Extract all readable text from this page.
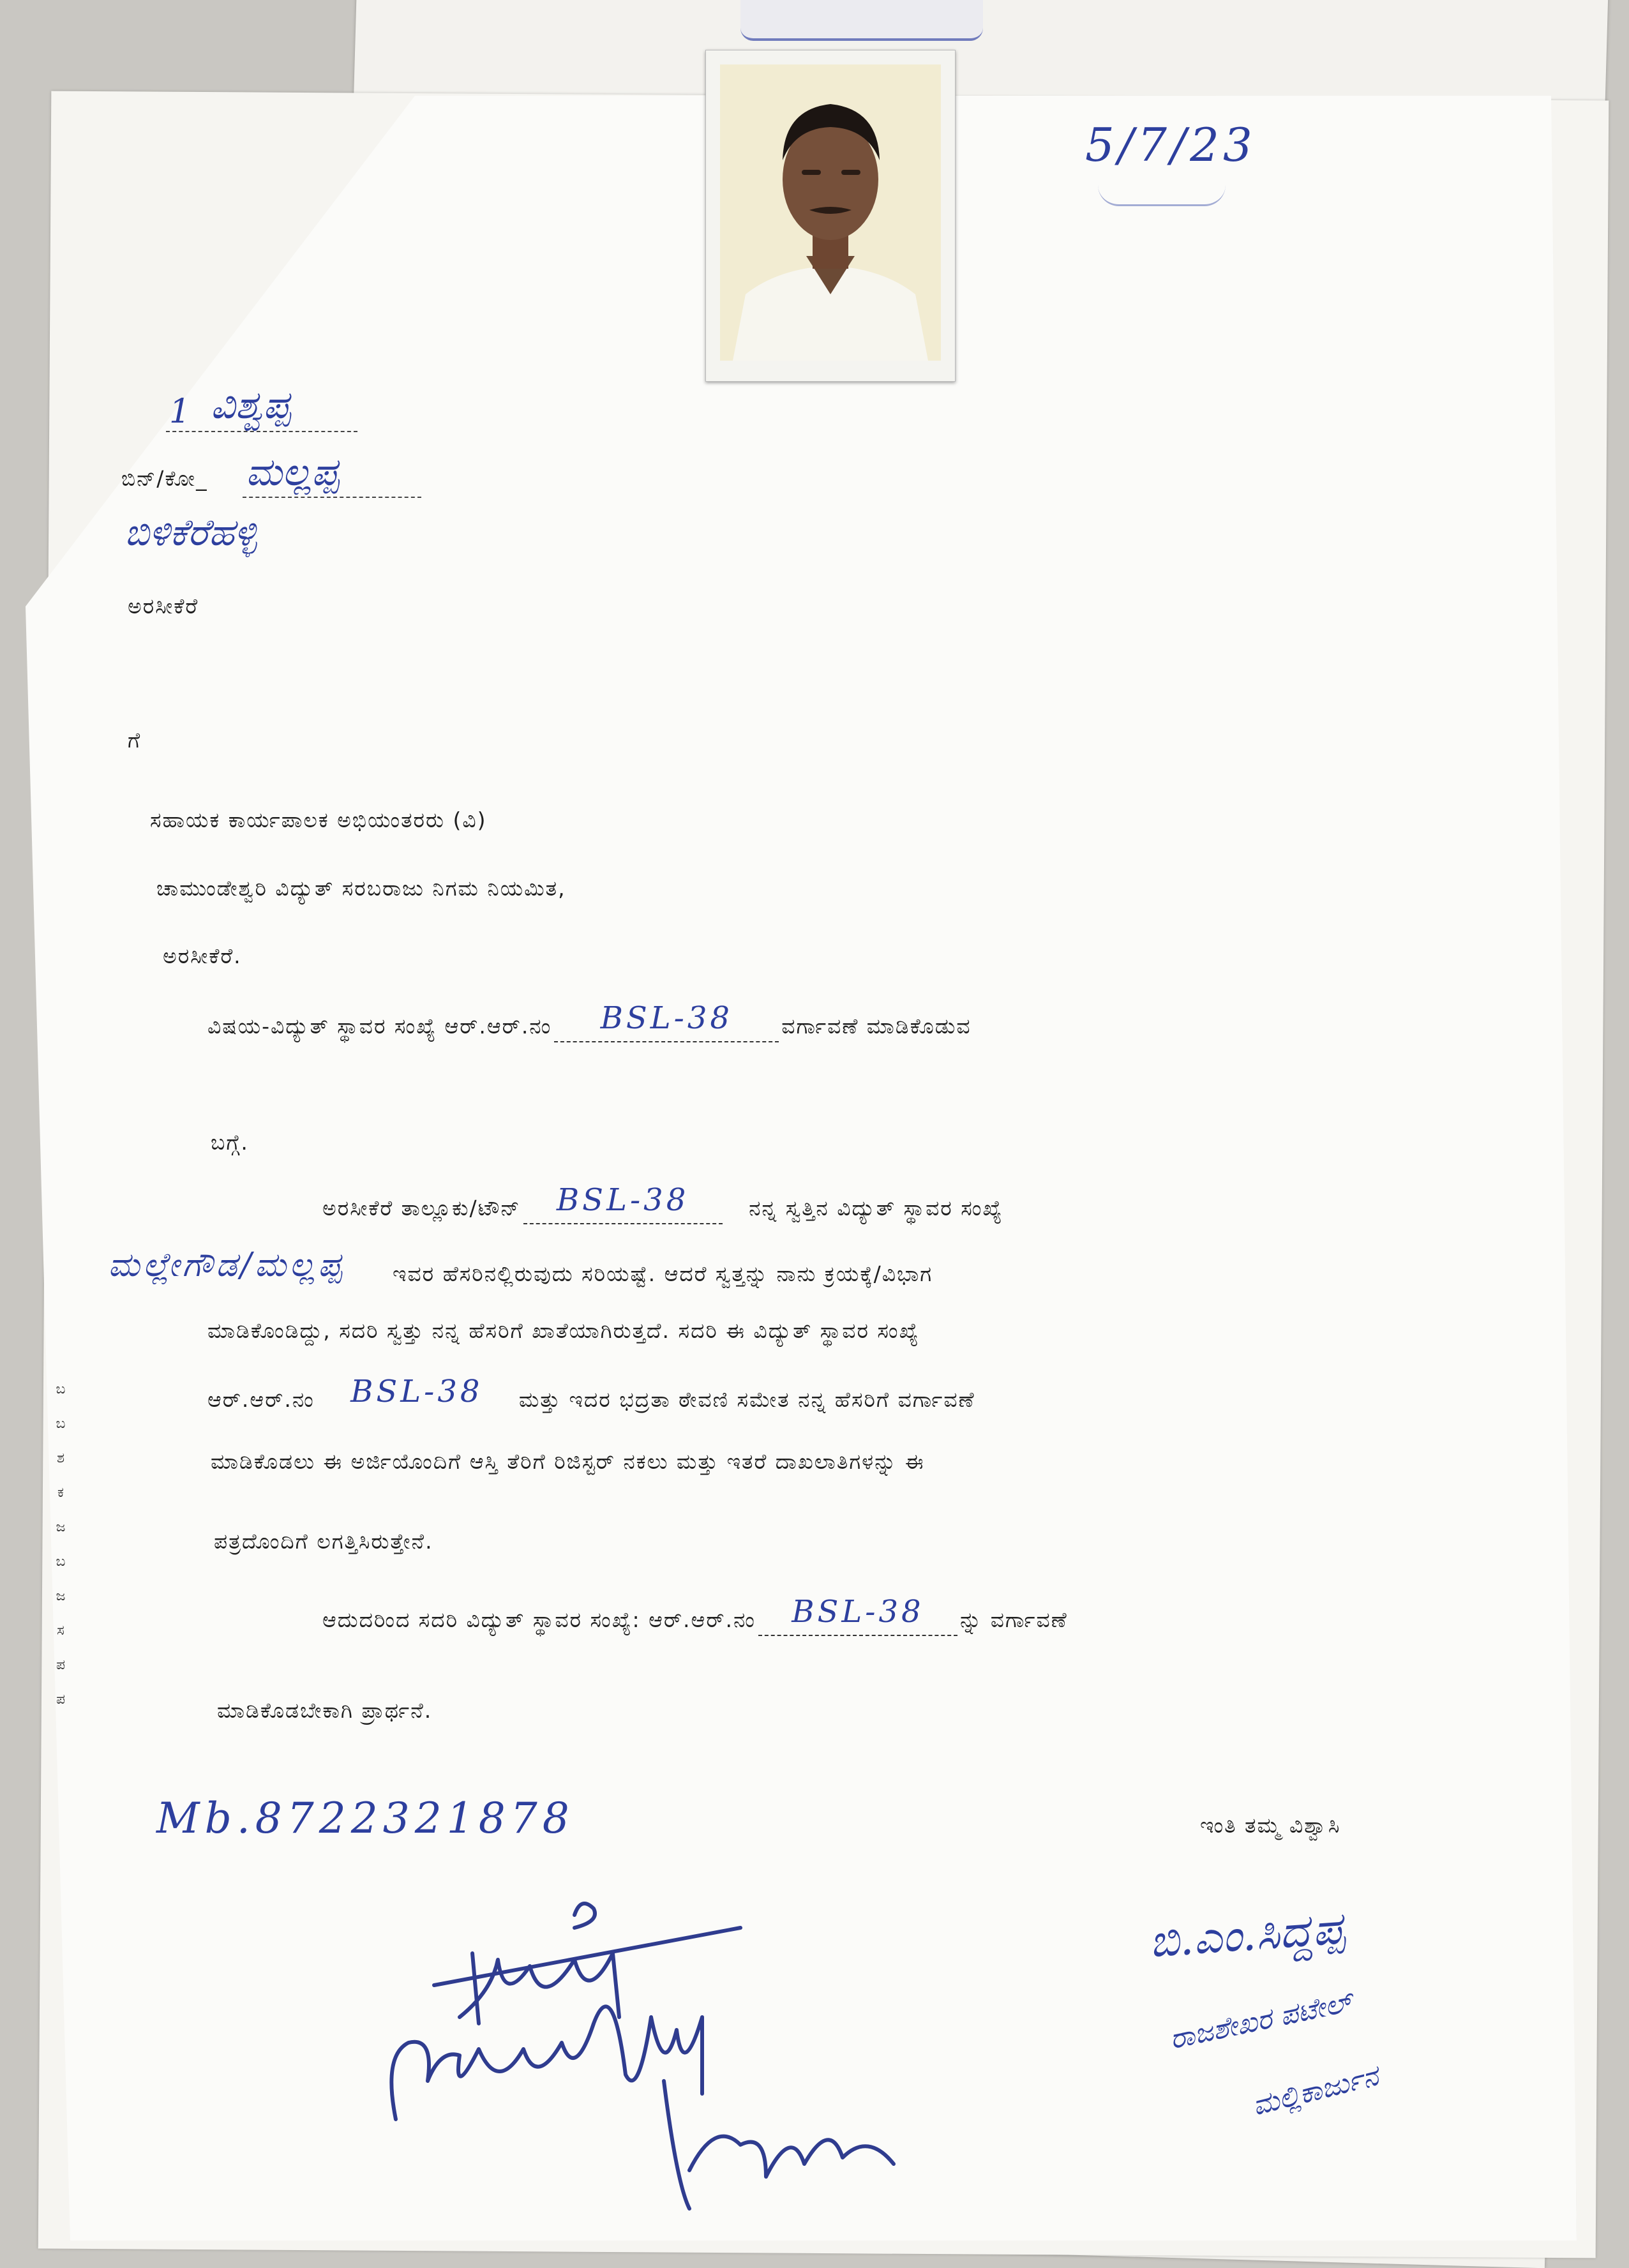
5/7/23
1 ವಿಶ್ವಪ್ಪ
ಬಿನ್/ಕೋ_ ಮಲ್ಲಪ್ಪ
ಬಿಳಿಕೆರೆಹಳ್ಳಿ
ಅರಸೀಕೆರೆ
ಗೆ
ಸಹಾಯಕ ಕಾರ್ಯಪಾಲಕ ಅಭಿಯಂತರರು (ವಿ)
ಚಾಮುಂಡೇಶ್ವರಿ ವಿದ್ಯುತ್ ಸರಬರಾಜು ನಿಗಮ ನಿಯಮಿತ,
ಅರಸೀಕೆರೆ.
ವಿಷಯ-ವಿದ್ಯುತ್ ಸ್ಥಾವರ ಸಂಖ್ಯೆ ಆರ್.ಆರ್.ನಂ BSL-38 ವರ್ಗಾವಣೆ ಮಾಡಿಕೊಡುವ
ಬಗ್ಗೆ.
ಅರಸೀಕೆರೆ ತಾಲ್ಲೂಕು/ಟೌನ್ BSL-38	ನನ್ನ ಸ್ವತ್ತಿನ ವಿದ್ಯುತ್ ಸ್ಥಾವರ ಸಂಖ್ಯೆ
ಮಲ್ಲೇಗೌಡ/ಮಲ್ಲಪ್ಪ ಇವರ ಹೆಸರಿನಲ್ಲಿರುವುದು ಸರಿಯಷ್ಟೆ. ಆದರೆ ಸ್ವತ್ತನ್ನು ನಾನು ಕ್ರಯಕ್ಕೆ/ವಿಭಾಗ
ಮಾಡಿಕೊಂಡಿದ್ದು, ಸದರಿ ಸ್ವತ್ತು ನನ್ನ ಹೆಸರಿಗೆ ಖಾತೆಯಾಗಿರುತ್ತದೆ. ಸದರಿ ಈ ವಿದ್ಯುತ್ ಸ್ಥಾವರ ಸಂಖ್ಯೆ
ಆರ್.ಆರ್.ನಂ BSL-38 ಮತ್ತು ಇದರ ಭದ್ರತಾ ಠೇವಣಿ ಸಮೇತ ನನ್ನ ಹೆಸರಿಗೆ ವರ್ಗಾವಣೆ
ಮಾಡಿಕೊಡಲು ಈ ಅರ್ಜಿಯೊಂದಿಗೆ ಆಸ್ತಿ ತೆರಿಗೆ ರಿಜಿಸ್ಟರ್ ನಕಲು ಮತ್ತು ಇತರೆ ದಾಖಲಾತಿಗಳನ್ನು ಈ
ಪತ್ರದೊಂದಿಗೆ ಲಗತ್ತಿಸಿರುತ್ತೇನೆ.
ಆದುದರಿಂದ ಸದರಿ ವಿದ್ಯುತ್ ಸ್ಥಾವರ ಸಂಖ್ಯೆ: ಆರ್.ಆರ್.ನಂ BSL-38 ನ್ನು ವರ್ಗಾವಣೆ
ಮಾಡಿಕೊಡಬೇಕಾಗಿ ಪ್ರಾರ್ಥನೆ.
ಇಂತಿ ತಮ್ಮ ವಿಶ್ವಾಸಿ
Mb.8722321878
ಬಿ.ಎಂ.ಸಿದ್ದಪ್ಪ
ರಾಜಶೇಖರ ಪಟೇಲ್
ಮಲ್ಲಿಕಾರ್ಜುನ
ಬ
ಬ
ಶ
ಕ
ಜ
ಬ
ಜ
ಸ
ಪ
ಪ
